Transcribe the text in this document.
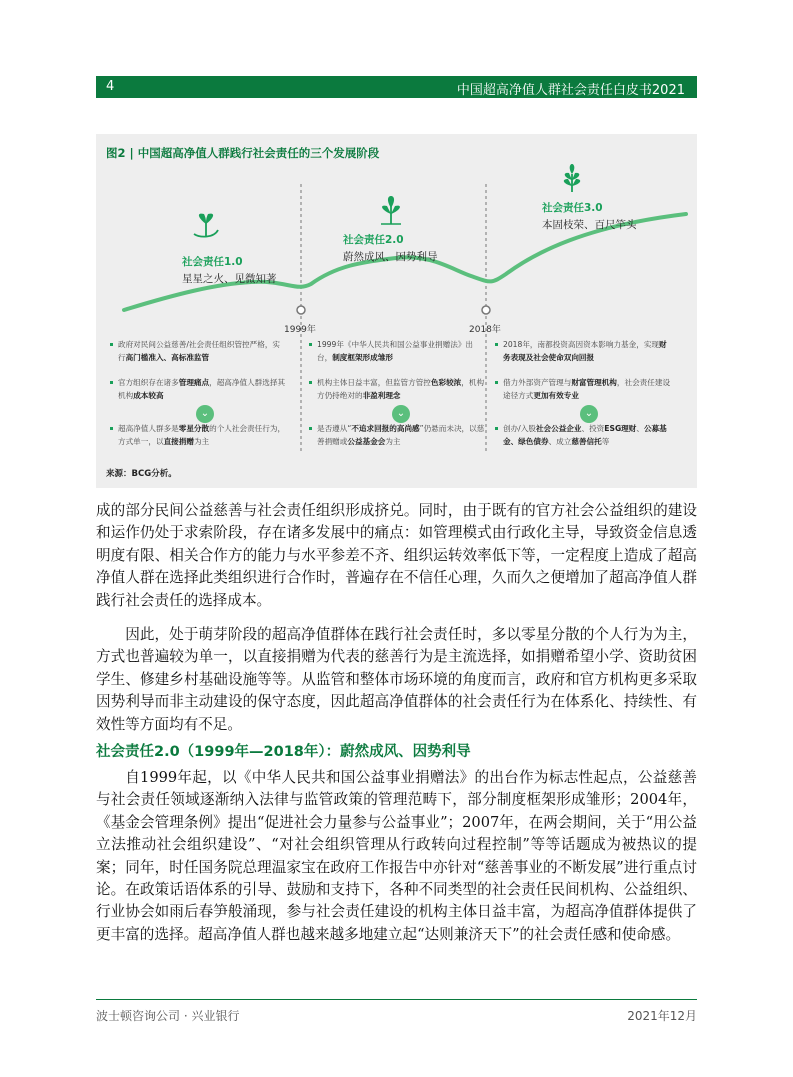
4	中国超高净值人群社会责任白皮书2021
图2 | 中国超高净值人群践行社会责任的三个发展阶段
社会责任1.0
星星之火、见微知著
社会责任2.0
蔚然成风、因势利导
社会责任3.0
本固枝荣、百尺竿头
1999年	2018年
政府对民间公益慈善/社会责任组织管控严格，实行高门槛准入、高标准监管
官方组织存在诸多管理痛点，超高净值人群选择其机构成本较高
超高净值人群多是零星分散的个人社会责任行为，方式单一，以直接捐赠为主
1999年《中华人民共和国公益事业捐赠法》出台，制度框架形成雏形
机构主体日益丰富，但监管方管控色彩较浓，机构方仍持绝对的非盈利理念
是否遵从“不追求回报的高尚感”仍悬而未决，以慈善捐赠或公益基金会为主
2018年，南都投资高因资本影响力基金，实现财务表现及社会使命双向回报
借力外部资产管理与财富管理机构，社会责任建设途径方式更加有效专业
创办/入股社会公益企业、投资ESG理财、公募基金、绿色债券、成立慈善信托等
⌄	⌄	⌄
来源：BCG分析。

成的部分民间公益慈善与社会责任组织形成挤兑。同时，由于既有的官方社会公益组织的建设和运作仍处于求索阶段，存在诸多发展中的痛点：如管理模式由行政化主导，导致资金信息透明度有限、相关合作方的能力与水平参差不齐、组织运转效率低下等，一定程度上造成了超高净值人群在选择此类组织进行合作时，普遍存在不信任心理，久而久之便增加了超高净值人群践行社会责任的选择成本。

因此，处于萌芽阶段的超高净值群体在践行社会责任时，多以零星分散的个人行为为主，方式也普遍较为单一，以直接捐赠为代表的慈善行为是主流选择，如捐赠希望小学、资助贫困学生、修建乡村基础设施等等。从监管和整体市场环境的角度而言，政府和官方机构更多采取因势利导而非主动建设的保守态度，因此超高净值群体的社会责任行为在体系化、持续性、有效性等方面均有不足。

社会责任2.0（1999年—2018年）：蔚然成风、因势利导

自1999年起，以《中华人民共和国公益事业捐赠法》的出台作为标志性起点，公益慈善与社会责任领域逐渐纳入法律与监管政策的管理范畴下，部分制度框架形成雏形；2004年，《基金会管理条例》提出“促进社会力量参与公益事业”；2007年，在两会期间，关于“用公益立法推动社会组织建设”、“对社会组织管理从行政转向过程控制”等等话题成为被热议的提案；同年，时任国务院总理温家宝在政府工作报告中亦针对“慈善事业的不断发展”进行重点讨论。在政策话语体系的引导、鼓励和支持下，各种不同类型的社会责任民间机构、公益组织、行业协会如雨后春笋般涌现，参与社会责任建设的机构主体日益丰富，为超高净值群体提供了更丰富的选择。超高净值人群也越来越多地建立起“达则兼济天下”的社会责任感和使命感。

波士顿咨询公司 · 兴业银行	2021年12月
